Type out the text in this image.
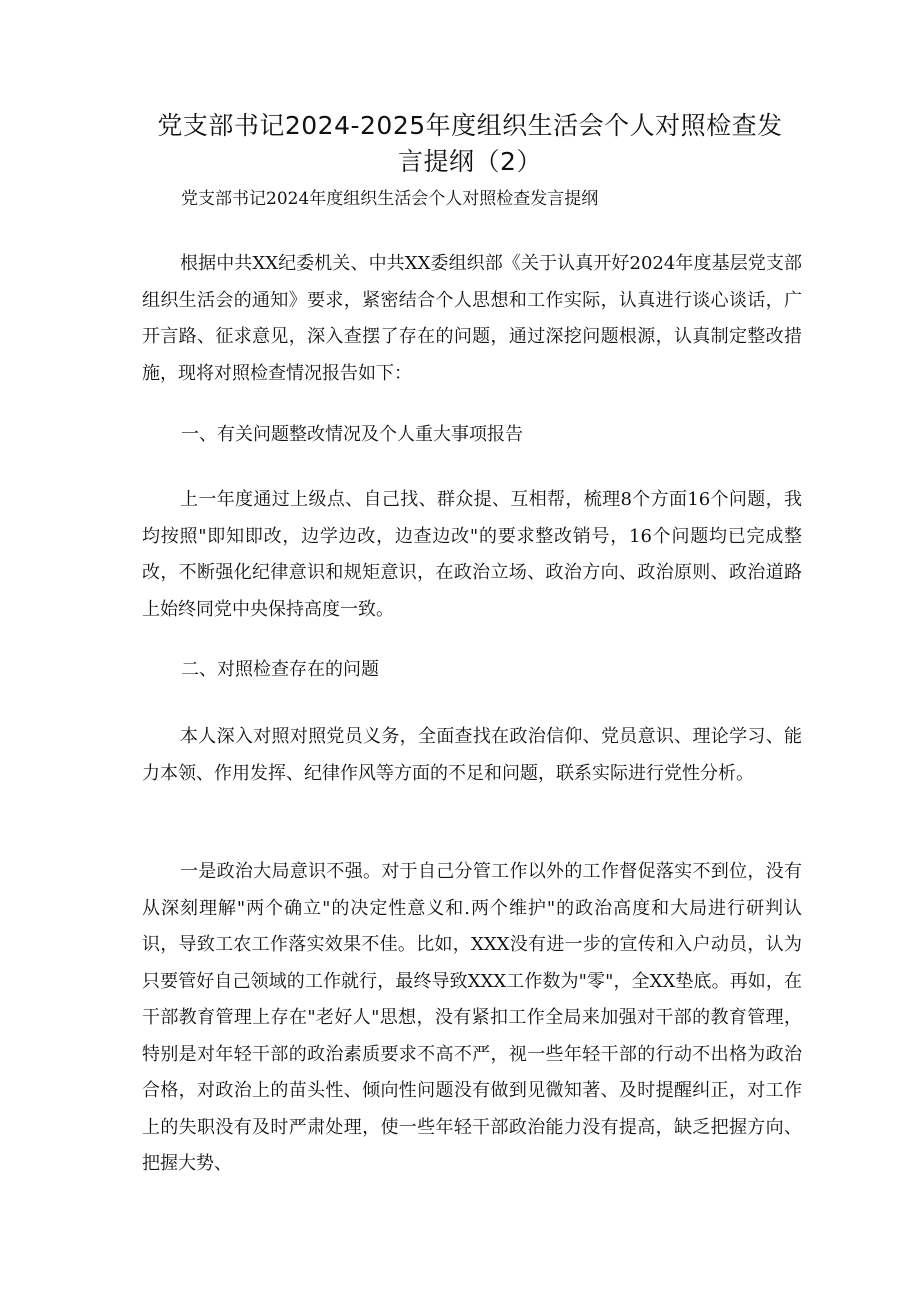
党支部书记2024-2025年度组织生活会个人对照检查发言提纲（2）
党支部书记2024年度组织生活会个人对照检查发言提纲

根据中共XX纪委机关、中共XX委组织部《关于认真开好2024年度基层党支部组织生活会的通知》要求，紧密结合个人思想和工作实际，认真进行谈心谈话，广开言路、征求意见，深入查摆了存在的问题，通过深挖问题根源，认真制定整改措施，现将对照检查情况报告如下：

一、有关问题整改情况及个人重大事项报告

上一年度通过上级点、自己找、群众提、互相帮，梳理8个方面16个问题，我均按照"即知即改，边学边改，边查边改"的要求整改销号，16个问题均已完成整改，不断强化纪律意识和规矩意识，在政治立场、政治方向、政治原则、政治道路上始终同党中央保持高度一致。

二、对照检查存在的问题

本人深入对照对照党员义务，全面查找在政治信仰、党员意识、理论学习、能力本领、作用发挥、纪律作风等方面的不足和问题，联系实际进行党性分析。

一是政治大局意识不强。对于自己分管工作以外的工作督促落实不到位，没有从深刻理解"两个确立"的决定性意义和.两个维护"的政治高度和大局进行研判认识，导致工农工作落实效果不佳。比如，XXX没有进一步的宣传和入户动员，认为只要管好自己领域的工作就行，最终导致XXX工作数为"零"，全XX垫底。再如，在干部教育管理上存在"老好人"思想，没有紧扣工作全局来加强对干部的教育管理，特别是对年轻干部的政治素质要求不高不严，视一些年轻干部的行动不出格为政治合格，对政治上的苗头性、倾向性问题没有做到见微知著、及时提醒纠正，对工作上的失职没有及时严肃处理，使一些年轻干部政治能力没有提高，缺乏把握方向、把握大势、
